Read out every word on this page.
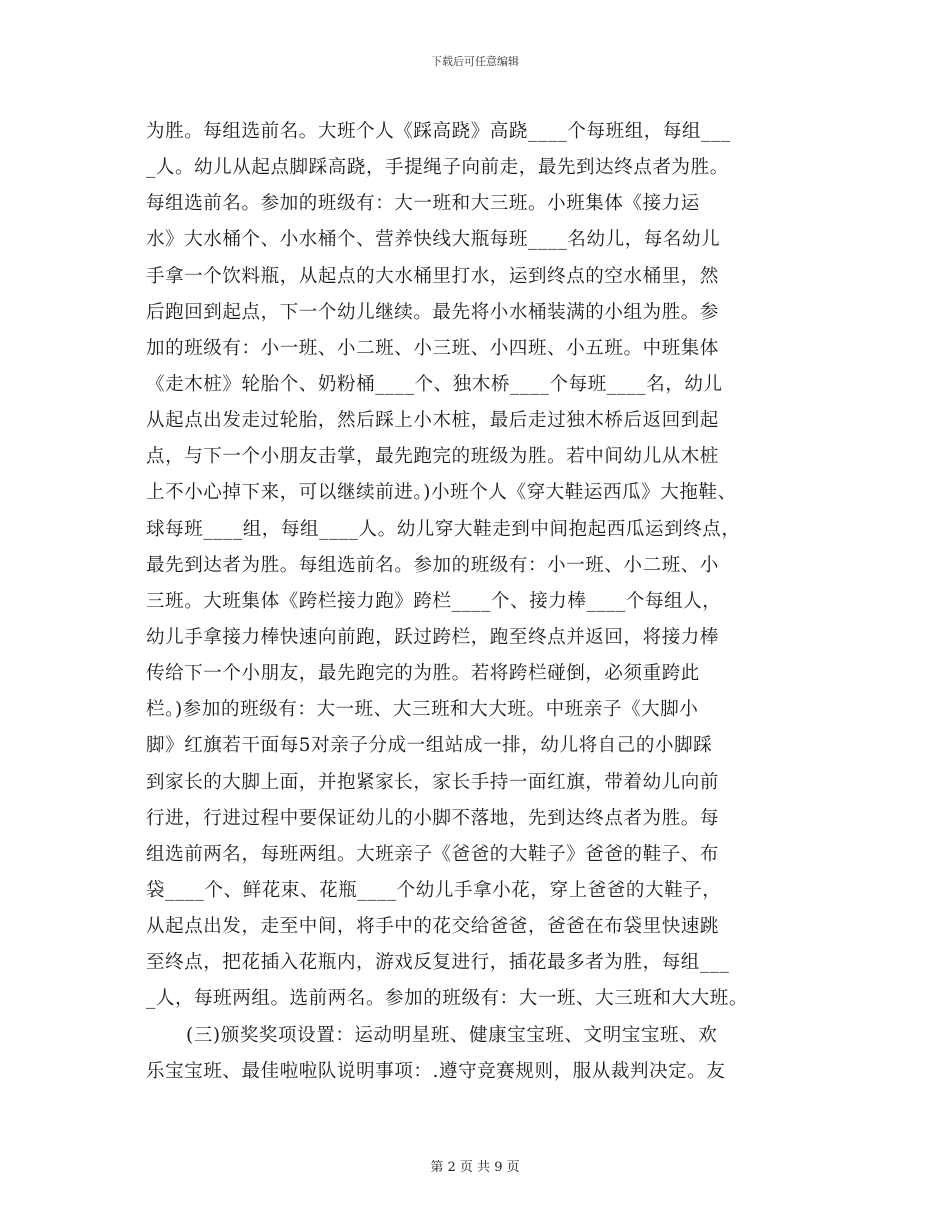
下载后可任意编辑
为胜。每组选前名。大班个人《踩高跷》高跷____个每班组，每组___
_人。幼儿从起点脚踩高跷，手提绳子向前走，最先到达终点者为胜。
每组选前名。参加的班级有：大一班和大三班。小班集体《接力运
水》大水桶个、小水桶个、营养快线大瓶每班____名幼儿，每名幼儿
手拿一个饮料瓶，从起点的大水桶里打水，运到终点的空水桶里，然
后跑回到起点，下一个幼儿继续。最先将小水桶装满的小组为胜。参
加的班级有：小一班、小二班、小三班、小四班、小五班。中班集体
《走木桩》轮胎个、奶粉桶____个、独木桥____个每班____名，幼儿
从起点出发走过轮胎，然后踩上小木桩，最后走过独木桥后返回到起
点，与下一个小朋友击掌，最先跑完的班级为胜。若中间幼儿从木桩
上不小心掉下来，可以继续前进。)小班个人《穿大鞋运西瓜》大拖鞋、
球每班____组，每组____人。幼儿穿大鞋走到中间抱起西瓜运到终点，
最先到达者为胜。每组选前名。参加的班级有：小一班、小二班、小
三班。大班集体《跨栏接力跑》跨栏____个、接力棒____个每组人，
幼儿手拿接力棒快速向前跑，跃过跨栏，跑至终点并返回，将接力棒
传给下一个小朋友，最先跑完的为胜。若将跨栏碰倒，必须重跨此
栏。)参加的班级有：大一班、大三班和大大班。中班亲子《大脚小
脚》红旗若干面每5对亲子分成一组站成一排，幼儿将自己的小脚踩
到家长的大脚上面，并抱紧家长，家长手持一面红旗，带着幼儿向前
行进，行进过程中要保证幼儿的小脚不落地，先到达终点者为胜。每
组选前两名，每班两组。大班亲子《爸爸的大鞋子》爸爸的鞋子、布
袋____个、鲜花束、花瓶____个幼儿手拿小花，穿上爸爸的大鞋子，
从起点出发，走至中间，将手中的花交给爸爸，爸爸在布袋里快速跳
至终点，把花插入花瓶内，游戏反复进行，插花最多者为胜，每组___
_人，每班两组。选前两名。参加的班级有：大一班、大三班和大大班。
(三)颁奖奖项设置：运动明星班、健康宝宝班、文明宝宝班、欢
乐宝宝班、最佳啦啦队说明事项：.遵守竞赛规则，服从裁判决定。友
第 2 页 共 9 页
